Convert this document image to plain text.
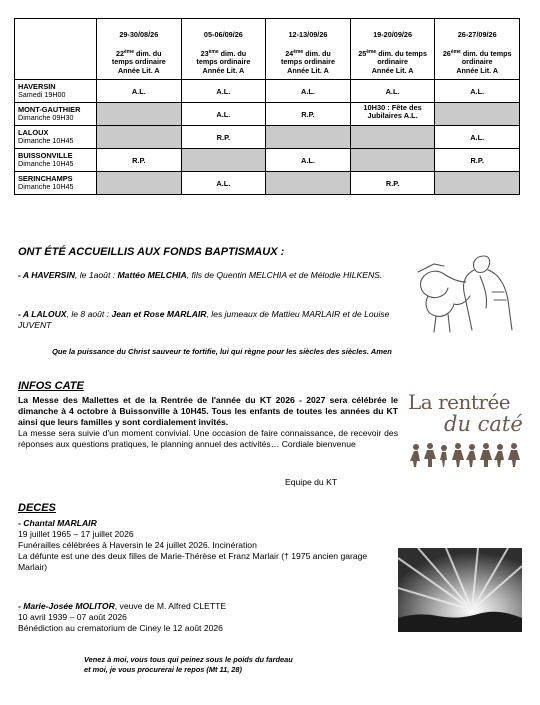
	29-30/08/26
22ème dim. du
temps ordinaire
Année Lit. A	05-06/09/26
23ème dim. du
temps ordinaire
Année Lit. A	12-13/09/26
24ème dim. du
temps ordinaire
Année Lit. A	19-20/09/26
25ème dim. du temps
ordinaire
Année Lit. A	26-27/09/26
26ème dim. du temps
ordinaire
Année Lit. A

HAVERSIN
Samedi 19H00	A.L.	A.L.	A.L.	A.L.	A.L.

MONT-GAUTHIER
Dimanche 09H30		A.L.	R.P.	10H30 : Fête des Jubilaires A.L.	

LALOUX
Dimanche 10H45		R.P.			A.L.

BUISSONVILLE
Dimanche 10H45	R.P.		A.L.		R.P.

SERINCHAMPS
Dimanche 10H45		A.L.		R.P.	
ONT ÉTÉ ACCUEILLIS AUX FONDS BAPTISMAUX :
- A HAVERSIN, le 1août : Mattéo MELCHIA, fils de Quentin MELCHIA et de Mélodie HILKENS.
- A LALOUX, le 8 août : Jean et Rose MARLAIR, les jumeaux de Mattieu MARLAIR et de Louise JUVENT
Que la puissance du Christ sauveur te fortifie, lui qui règne pour les siècles des siècles. Amen
INFOS CATE
La Messe des Mallettes et de la Rentrée de l'année du KT 2026 - 2027 sera célébrée le dimanche à 4 octobre à Buissonville à 10H45. Tous les enfants de toutes les années du KT ainsi que leurs familles y sont cordialement invités.
La messe sera suivie d'un moment convivial. Une occasion de faire connaissance, de recevoir des réponses aux questions pratiques, le planning annuel des activités… Cordiale bienvenue
Equipe du KT
La rentrée
du caté
DECES
- Chantal MARLAIR
19 juillet 1965 – 17 juillet 2026
Funérailles célébrées à Haversin le 24 juillet 2026. Incinération
La défunte est une des deux filles de Marie-Thérèse et Franz Marlair († 1975 ancien garage Marlair)
- Marie-Josée MOLITOR, veuve de M. Alfred CLETTE
10 avril 1939 – 07 août 2026
Bénédiction au crematorium de Ciney le 12 août 2026
Venez à moi, vous tous qui peinez sous le poids du fardeau
et moi, je vous procurerai le repos (Mt 11, 28)
